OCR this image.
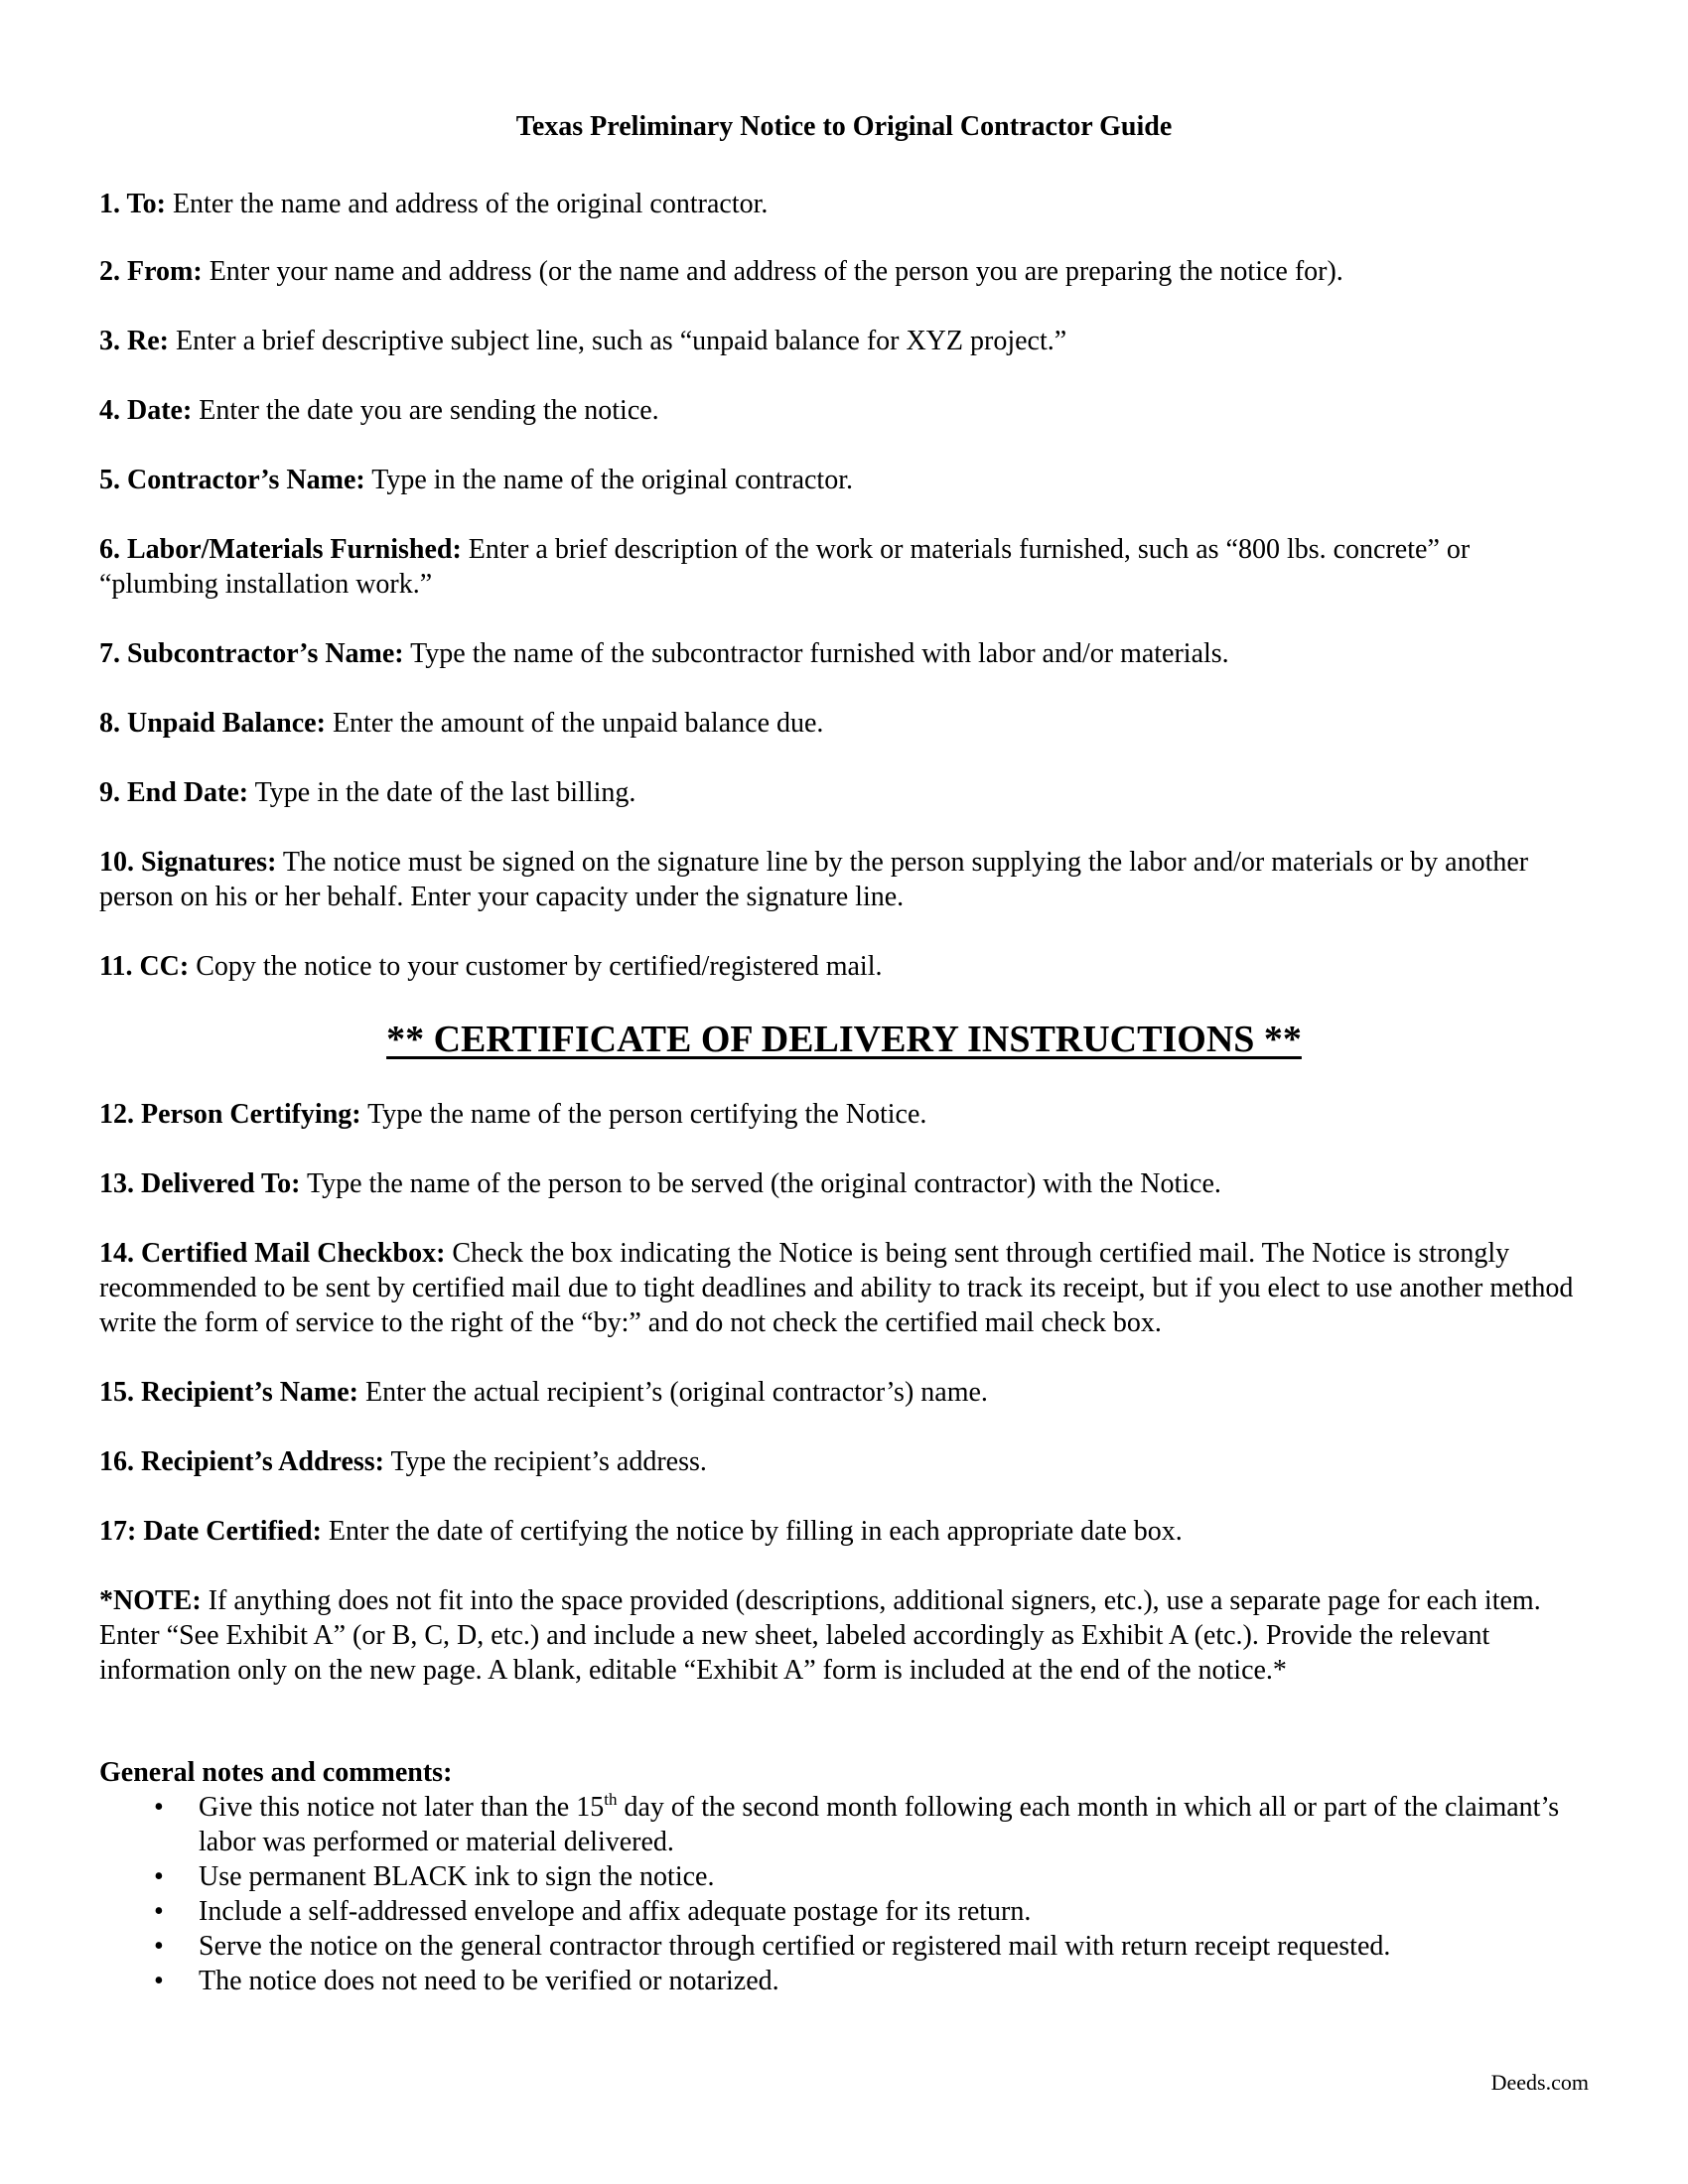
Texas Preliminary Notice to Original Contractor Guide

1. To: Enter the name and address of the original contractor.

2. From: Enter your name and address (or the name and address of the person you are preparing the notice for).

3. Re: Enter a brief descriptive subject line, such as “unpaid balance for XYZ project.”

4. Date: Enter the date you are sending the notice.

5. Contractor’s Name: Type in the name of the original contractor.

6. Labor/Materials Furnished: Enter a brief description of the work or materials furnished, such as “800 lbs. concrete” or “plumbing installation work.”

7. Subcontractor’s Name: Type the name of the subcontractor furnished with labor and/or materials.

8. Unpaid Balance: Enter the amount of the unpaid balance due.

9. End Date: Type in the date of the last billing.

10. Signatures: The notice must be signed on the signature line by the person supplying the labor and/or materials or by another person on his or her behalf. Enter your capacity under the signature line.

11. CC: Copy the notice to your customer by certified/registered mail.

** CERTIFICATE OF DELIVERY INSTRUCTIONS **

12. Person Certifying: Type the name of the person certifying the Notice.

13. Delivered To: Type the name of the person to be served (the original contractor) with the Notice.

14. Certified Mail Checkbox: Check the box indicating the Notice is being sent through certified mail. The Notice is strongly recommended to be sent by certified mail due to tight deadlines and ability to track its receipt, but if you elect to use another method write the form of service to the right of the “by:” and do not check the certified mail check box.

15. Recipient’s Name: Enter the actual recipient’s (original contractor’s) name.

16. Recipient’s Address: Type the recipient’s address.

17: Date Certified: Enter the date of certifying the notice by filling in each appropriate date box.

*NOTE: If anything does not fit into the space provided (descriptions, additional signers, etc.), use a separate page for each item. Enter “See Exhibit A” (or B, C, D, etc.) and include a new sheet, labeled accordingly as Exhibit A (etc.). Provide the relevant information only on the new page. A blank, editable “Exhibit A” form is included at the end of the notice.*

General notes and comments:

• Give this notice not later than the 15th day of the second month following each month in which all or part of the claimant’s labor was performed or material delivered.
• Use permanent BLACK ink to sign the notice.
• Include a self-addressed envelope and affix adequate postage for its return.
• Serve the notice on the general contractor through certified or registered mail with return receipt requested.
• The notice does not need to be verified or notarized.

Deeds.com
